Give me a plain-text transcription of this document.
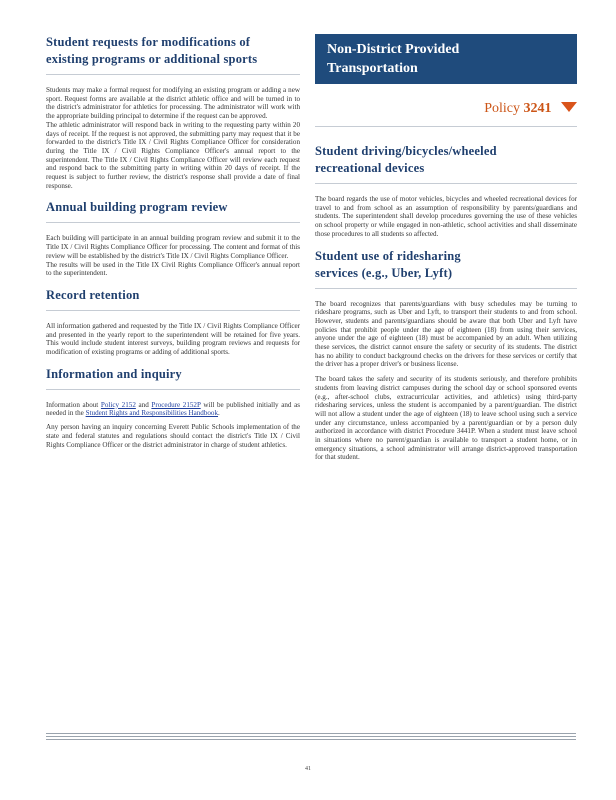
Student requests for modifications of
existing programs or additional sports

Students may make a formal request for modifying an existing program or adding a new sport. Request forms are available at the district athletic office and will be turned in to the district's administrator for athletics for processing. The administrator will work with the appropriate building principal to determine if the request can be approved.

The athletic administrator will respond back in writing to the requesting party within 20 days of receipt. If the request is not approved, the submitting party may request that it be forwarded to the district's Title IX / Civil Rights Compliance Officer for consideration during the Title IX / Civil Rights Compliance Officer's annual report to the superintendent. The Title IX / Civil Rights Compliance Officer will review each request and respond back to the submitting party in writing within 20 days of receipt. If the request is subject to further review, the district's response shall provide a date of final response.

Annual building program review

Each building will participate in an annual building program review and submit it to the Title IX / Civil Rights Compliance Officer for processing. The content and format of this review will be established by the district's Title IX / Civil Rights Compliance Officer.

The results will be used in the Title IX Civil Rights Compliance Officer's annual report to the superintendent.

Record retention

All information gathered and requested by the Title IX / Civil Rights Compliance Officer and presented in the yearly report to the superintendent will be retained for five years. This would include student interest surveys, building program reviews and requests for modification of existing programs or adding of additional sports.

Information and inquiry

Information about Policy 2152 and Procedure 2152P will be published initially and as needed in the Student Rights and Responsibilities Handbook.

Any person having an inquiry concerning Everett Public Schools implementation of the state and federal statutes and regulations should contact the district's Title IX / Civil Rights Compliance Officer or the district administrator in charge of student athletics.

Non-District Provided
Transportation
Policy 3241
Student driving/bicycles/wheeled
recreational devices

The board regards the use of motor vehicles, bicycles and wheeled recreational devices for travel to and from school as an assumption of responsibility by parents/guardians and students. The superintendent shall develop procedures governing the use of these vehicles on school property or while engaged in non-athletic, school activities and shall disseminate those procedures to all students so affected.

Student use of ridesharing
services (e.g., Uber, Lyft)

The board recognizes that parents/guardians with busy schedules may be turning to rideshare programs, such as Uber and Lyft, to transport their students to and from school. However, students and parents/guardians should be aware that both Uber and Lyft have policies that prohibit people under the age of eighteen (18) from using their services, anyone under the age of eighteen (18) must be accompanied by an adult. When utilizing these services, the district cannot ensure the safety or security of its students. The district has no ability to conduct background checks on the drivers for these services or certify that the driver has a proper driver's or business license.

The board takes the safety and security of its students seriously, and therefore prohibits students from leaving district campuses during the school day or school sponsored events (e.g., after-school clubs, extracurricular activities, and athletics) using third-party ridesharing services, unless the student is accompanied by a parent/guardian. The district will not allow a student under the age of eighteen (18) to leave school using such a service under any circumstance, unless accompanied by a parent/guardian or by a person duly authorized in accordance with district Procedure 3441P. When a student must leave school in situations where no parent/guardian is available to transport a student home, or in emergency situations, a school administrator will arrange district-approved transportation for that student.

41
